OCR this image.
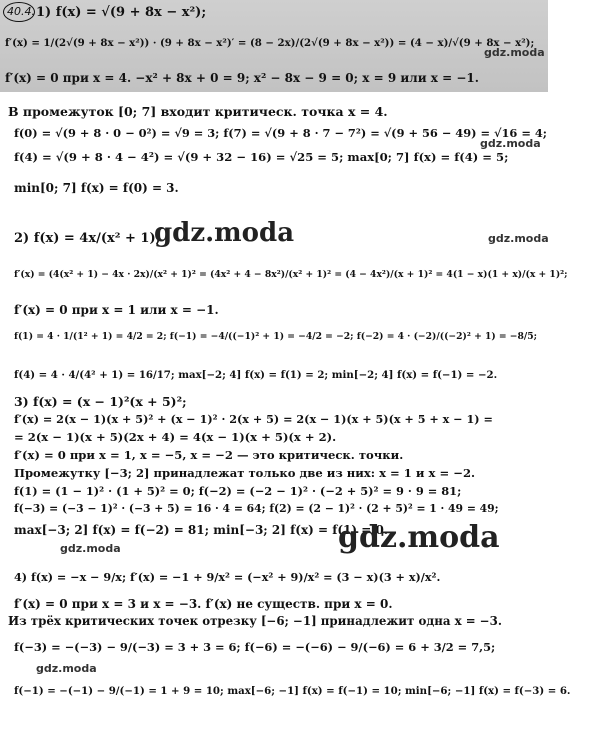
40.4. 1) f(x) = √(9 + 8x − x²);
f′(x) = 1/(2√(9 + 8x − x²)) · (9 + 8x − x²)′ = (8 − 2x)/(2√(9 + 8x − x²)) = (4 − x)/√(9 + 8x − x²);
f′(x) = 0 при x = 4. −x² + 8x + 0 = 9; x² − 8x − 9 = 0; x = 9 или x = −1.
В промежуток [0; 7] входит критическ. точка x = 4.
f(0) = √(9 + 8 · 0 − 0²) = √9 = 3; f(7) = √(9 + 8 · 7 − 7²) = √(9 + 56 − 49) = √16 = 4;
f(4) = √(9 + 8 · 4 − 4²) = √(9 + 32 − 16) = √25 = 5; max[0; 7] f(x) = f(4) = 5;
min[0; 7] f(x) = f(0) = 3.
2) f(x) = 4x/(x² + 1);
f′(x) = (4(x² + 1) − 4x · 2x)/(x² + 1)² = (4x² + 4 − 8x²)/(x² + 1)² = (4 − 4x²)/(x + 1)² = 4(1 − x)(1 + x)/(x + 1)²;
f′(x) = 0 при x = 1 или x = −1.
f(1) = 4 · 1/(1² + 1) = 4/2 = 2; f(−1) = −4/((−1)² + 1) = −4/2 = −2; f(−2) = 4 · (−2)/((−2)² + 1) = −8/5;
f(4) = 4 · 4/(4² + 1) = 16/17; max[−2; 4] f(x) = f(1) = 2; min[−2; 4] f(x) = f(−1) = −2.
3) f(x) = (x − 1)²(x + 5)²;
f′(x) = 2(x − 1)(x + 5)² + (x − 1)² · 2(x + 5) = 2(x − 1)(x + 5)(x + 5 + x − 1) =
= 2(x − 1)(x + 5)(2x + 4) = 4(x − 1)(x + 5)(x + 2).
f′(x) = 0 при x = 1, x = −5, x = −2 — это критическ. точки.
Промежутку [−3; 2] принадлежат только две из них: x = 1 и x = −2.
f(1) = (1 − 1)² · (1 + 5)² = 0; f(−2) = (−2 − 1)² · (−2 + 5)² = 9 · 9 = 81;
f(−3) = (−3 − 1)² · (−3 + 5) = 16 · 4 = 64; f(2) = (2 − 1)² · (2 + 5)² = 1 · 49 = 49;
max[−3; 2] f(x) = f(−2) = 81; min[−3; 2] f(x) = f(1) = 0.
4) f(x) = −x − 9/x; f′(x) = −1 + 9/x² = (−x² + 9)/x² = (3 − x)(3 + x)/x².
f′(x) = 0 при x = 3 и x = −3. f′(x) не существ. при x = 0.
Из трёх критических точек отрезку [−6; −1] принадлежит одна x = −3.
f(−3) = −(−3) − 9/(−3) = 3 + 3 = 6; f(−6) = −(−6) − 9/(−6) = 6 + 3/2 = 7,5;
f(−1) = −(−1) − 9/(−1) = 1 + 9 = 10; max[−6; −1] f(x) = f(−1) = 10; min[−6; −1] f(x) = f(−3) = 6.
gdz.moda
gdz.moda
gdz.moda
gdz.moda
gdz.moda	gdz.moda
gdz.moda
